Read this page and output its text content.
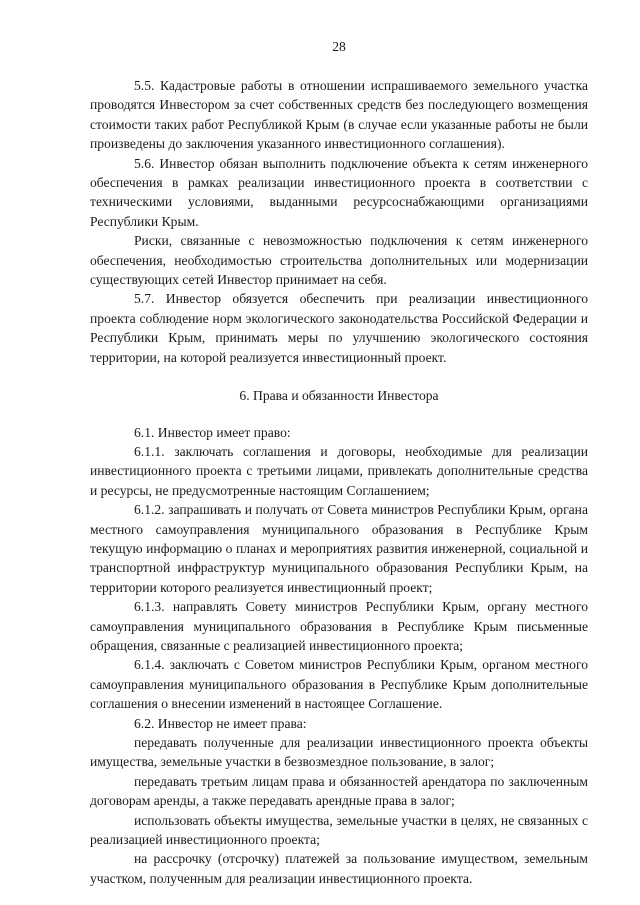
28

5.5. Кадастровые работы в отношении испрашиваемого земельного участка проводятся Инвестором за счет собственных средств без последующего возмещения стоимости таких работ Республикой Крым (в случае если указанные работы не были произведены до заключения указанного инвестиционного соглашения).

5.6. Инвестор обязан выполнить подключение объекта к сетям инженерного обеспечения в рамках реализации инвестиционного проекта в соответствии с техническими условиями, выданными ресурсоснабжающими организациями Республики Крым.

Риски, связанные с невозможностью подключения к сетям инженерного обеспечения, необходимостью строительства дополнительных или модернизации существующих сетей Инвестор принимает на себя.

5.7. Инвестор обязуется обеспечить при реализации инвестиционного проекта соблюдение норм экологического законодательства Российской Федерации и Республики Крым, принимать меры по улучшению экологического состояния территории, на которой реализуется инвестиционный проект.

6. Права и обязанности Инвестора

6.1. Инвестор имеет право:

6.1.1. заключать соглашения и договоры, необходимые для реализации инвестиционного проекта с третьими лицами, привлекать дополнительные средства и ресурсы, не предусмотренные настоящим Соглашением;

6.1.2. запрашивать и получать от Совета министров Республики Крым, органа местного самоуправления муниципального образования в Республике Крым текущую информацию о планах и мероприятиях развития инженерной, социальной и транспортной инфраструктур муниципального образования Республики Крым, на территории которого реализуется инвестиционный проект;

6.1.3. направлять Совету министров Республики Крым, органу местного самоуправления муниципального образования в Республике Крым письменные обращения, связанные с реализацией инвестиционного проекта;

6.1.4. заключать с Советом министров Республики Крым, органом местного самоуправления муниципального образования в Республике Крым дополнительные соглашения о внесении изменений в настоящее Соглашение.

6.2. Инвестор не имеет права:

передавать полученные для реализации инвестиционного проекта объекты имущества, земельные участки в безвозмездное пользование, в залог;

передавать третьим лицам права и обязанностей арендатора по заключенным договорам аренды, а также передавать арендные права в залог;

использовать объекты имущества, земельные участки в целях, не связанных с реализацией инвестиционного проекта;

на рассрочку (отсрочку) платежей за пользование имуществом, земельным участком, полученным для реализации инвестиционного проекта.
